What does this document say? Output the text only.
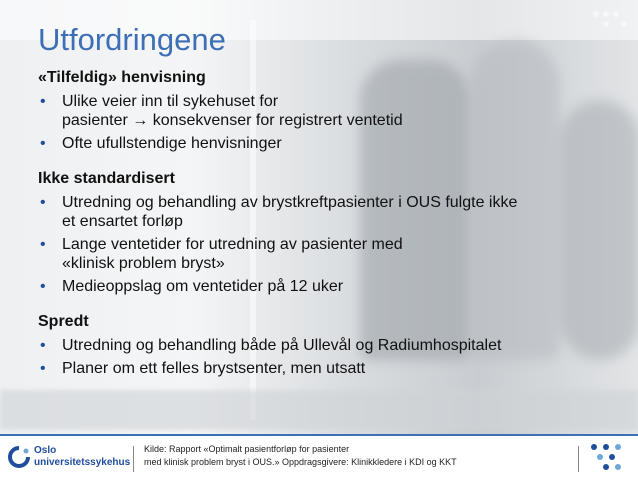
Utfordringene

«Tilfeldig» henvisning

• Ulike veier inn til sykehuset for
pasienter → konsekvenser for registrert ventetid
• Ofte ufullstendige henvisninger

Ikke standardisert

• Utredning og behandling av brystkreftpasienter i OUS fulgte ikke
et ensartet forløp
• Lange ventetider for utredning av pasienter med
«klinisk problem bryst»
• Medieoppslag om ventetider på 12 uker

Spredt

• Utredning og behandling både på Ullevål og Radiumhospitalet
• Planer om ett felles brystsenter, men utsatt
Oslo
universitetssykehus
Kilde: Rapport «Optimalt pasientforløp for pasienter
med klinisk problem bryst i OUS.» Oppdragsgivere: Klinikkledere i KDI og KKT
